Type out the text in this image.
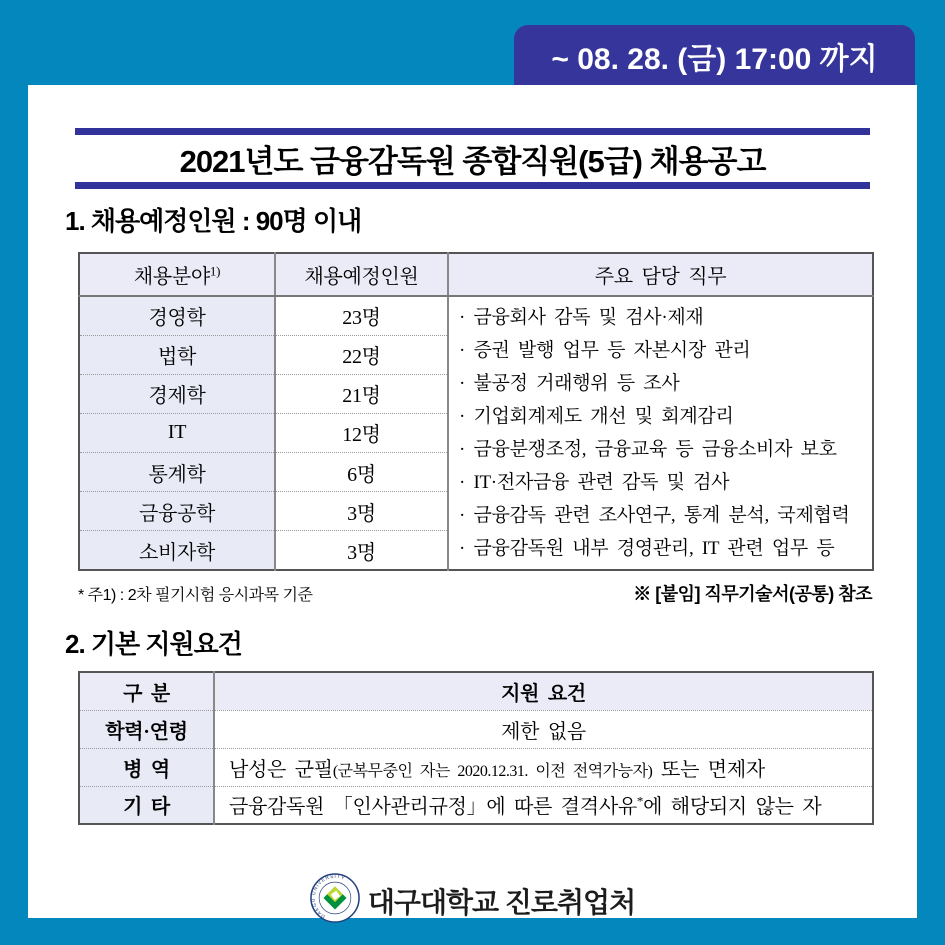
~ 08. 28. (금) 17:00 까지
2021년도 금융감독원 종합직원(5급) 채용공고
1. 채용예정인원 : 90명 이내
채용분야$^{1)}$	채용예정인원	주요 담당 직무
경영학	23명	· 금융회사 감독 및 검사·제재
· 증권 발행 업무 등 자본시장 관리
· 불공정 거래행위 등 조사
· 기업회계제도 개선 및 회계감리
· 금융분쟁조정, 금융교육 등 금융소비자 보호
· IT·전자금융 관련 감독 및 검사
· 금융감독 관련 조사연구, 통계 분석, 국제협력
· 금융감독원 내부 경영관리, IT 관련 업무 등

법학	22명	
경제학	21명	
IT	12명	
통계학	6명	
금융공학	3명	
소비자학	3명	
* 주1) : 2차 필기시험 응시과목 기준	※ [붙임] 직무기술서(공통) 참조
2. 기본 지원요건
구 분	지원 요건
학력·연령	제한 없음
병 역	남성은 군필(군복무중인 자는 2020.12.31. 이전 전역가능자) 또는 면제자
기 타	금융감독원 「인사관리규정」에 따른 결격사유*에 해당되지 않는 자
DAEGU UNIVERSITY
대구대학교 진로취업처
